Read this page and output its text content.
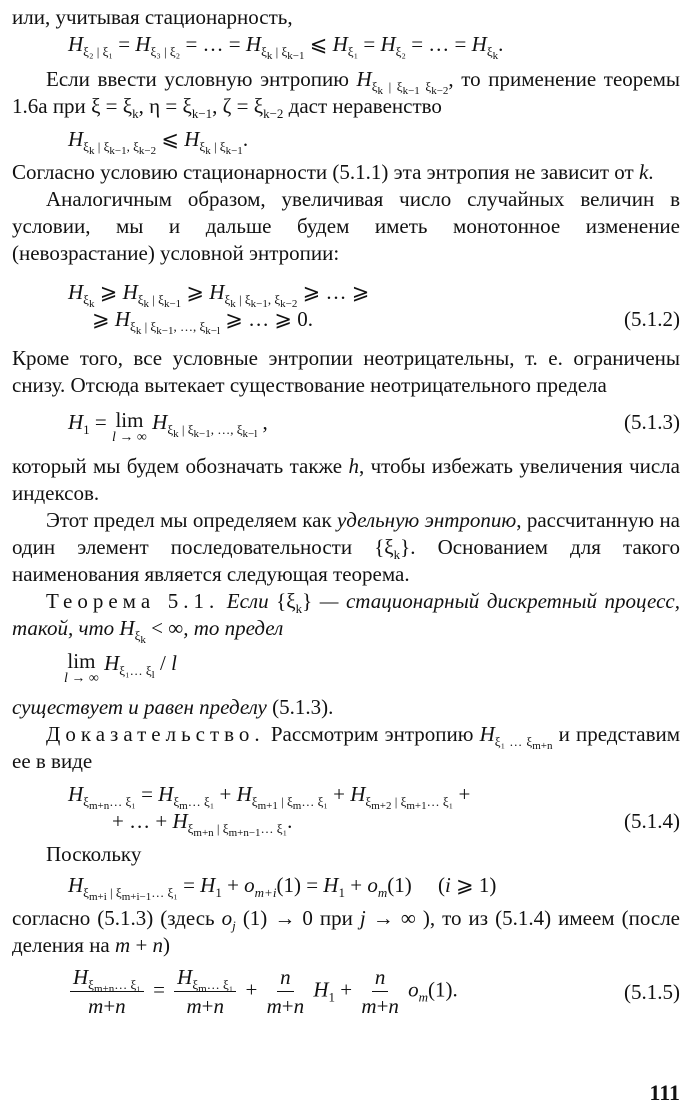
или, учитывая стационарность,

$H_{\xi_2 | \xi_1} = H_{\xi_3 | \xi_2}$ = … = $H_{\xi_k | \xi_{k-1}}$ ⩽ $H_{\xi_1} = H_{\xi_2}$ = … = $H_{\xi_k}$.

Если ввести условную энтропию $H_{\xi_k | \xi_{k-1} \xi_{k-2}}$, то применение теоремы 1.6а при $\xi = \xi_k$, $\eta = \xi_{k-1}$, $\zeta = \xi_{k-2}$ даст неравенство

$H_{\xi_k | \xi_{k-1}, \xi_{k-2}}$ ⩽ $H_{\xi_k | \xi_{k-1}}$.

Согласно условию стационарности (5.1.1) эта энтропия не зависит от k.

Аналогичным образом, увеличивая число случайных величин в условии, мы и дальше будем иметь монотонное изменение (невозрастание) условной энтропии:

$H_{\xi_k}$ ⩾ $H_{\xi_k | \xi_{k-1}}$ ⩾ $H_{\xi_k | \xi_{k-1}, \xi_{k-2}}$ ⩾ … ⩾
⩾ $H_{\xi_k | \xi_{k-1}, \dots, \xi_{k-l}}$ ⩾ … ⩾ 0.	(5.1.2)

Кроме того, все условные энтропии неотрицательны, т. е. ограничены снизу. Отсюда вытекает существование неотрицательного предела

$H_1 = \lim$
l → ∞
$H_{\xi_k | \xi_{k-1}, \dots, \xi_{k-l}}$ ,	(5.1.3)

который мы будем обозначать также h, чтобы избежать увеличения числа индексов.

Этот предел мы определяем как удельную энтропию, рассчитанную на один элемент последовательности $\{\xi_k\}$. Основанием для такого наименования является следующая теорема.

Теорема 5.1. Если $\{\xi_k\}$ — стационарный дискретный процесс, такой, что $H_{\xi_k}$ < ∞, то предел

lim
l → ∞
$H_{\xi_1\dots \xi_l}$ / l

существует и равен пределу (5.1.3).

Доказательство. Рассмотрим энтропию $H_{\xi_1 \dots \xi_{m+n}}$ и представим ее в виде

$H_{\xi_{m+n}\dots \xi_1} = H_{\xi_m\dots \xi_1} + H_{\xi_{m+1} | \xi_m\dots \xi_1} + H_{\xi_{m+2} | \xi_{m+1}\dots \xi_1}$ +
+ … + $H_{\xi_{m+n} | \xi_{m+n-1}\dots \xi_1}$.	(5.1.4)

Поскольку

$H_{\xi_{m+i} | \xi_{m+i-1}\dots \xi_1} = H_1 + o_{m+i}(1) = H_1 + o_m(1)$     (i ⩾ 1)

согласно (5.1.3) (здесь $o_j$ (1) → 0 при j → ∞ ), то из (5.1.4) имеем (после деления на m + n)

$\frac{H_{\xi_{m+n}\dots \xi_1}}{m+n} = \frac{H_{\xi_m\dots \xi_1}}{m+n} + \frac{n}{m+n} H_1 + \frac{n}{m+n} o_m(1)$.	(5.1.5)
111
